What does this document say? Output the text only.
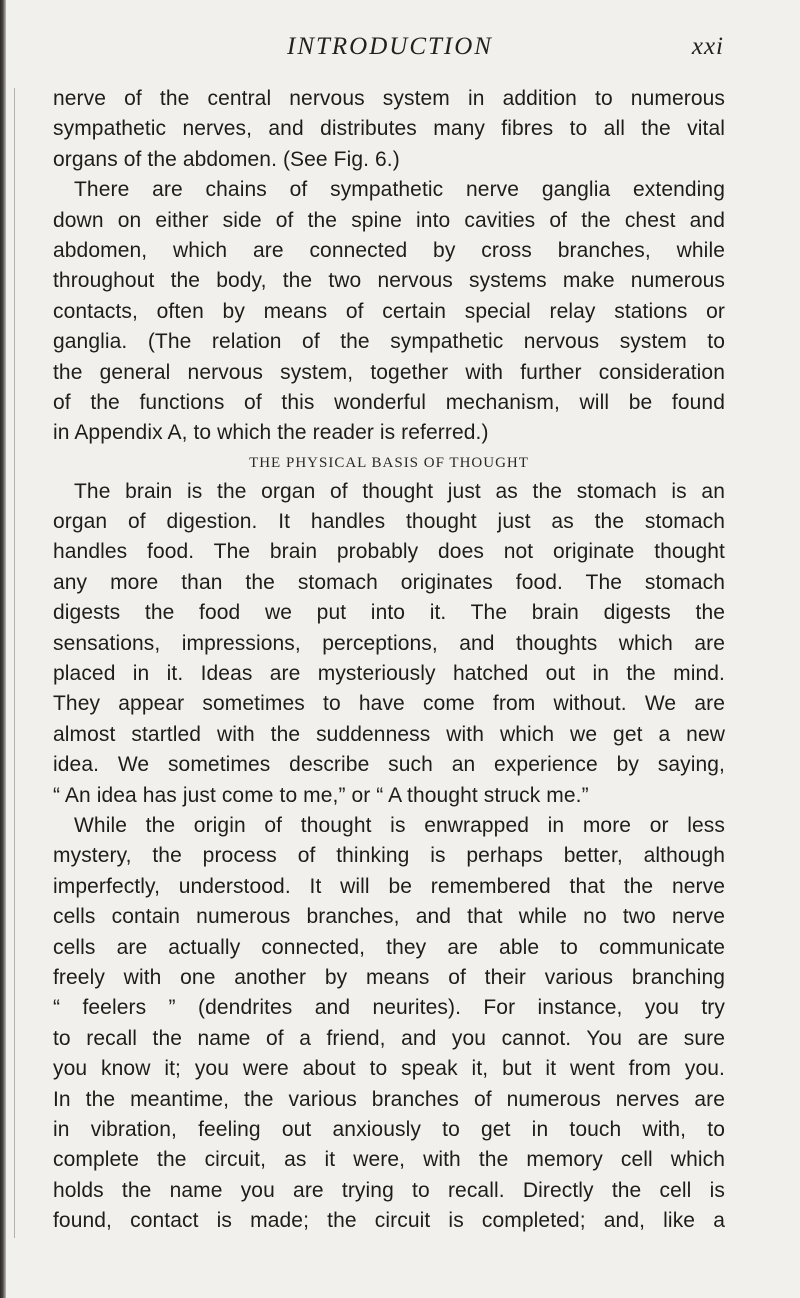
INTRODUCTION	xxi
nerve of the central nervous system in addition to numerous
sympathetic nerves, and distributes many fibres to all the vital
organs of the abdomen. (See Fig. 6.)
There are chains of sympathetic nerve ganglia extending
down on either side of the spine into cavities of the chest and
abdomen, which are connected by cross branches, while
throughout the body, the two nervous systems make numerous
contacts, often by means of certain special relay stations or
ganglia. (The relation of the sympathetic nervous system to
the general nervous system, together with further consideration
of the functions of this wonderful mechanism, will be found
in Appendix A, to which the reader is referred.)
THE PHYSICAL BASIS OF THOUGHT
The brain is the organ of thought just as the stomach is an
organ of digestion. It handles thought just as the stomach
handles food. The brain probably does not originate thought
any more than the stomach originates food. The stomach
digests the food we put into it. The brain digests the
sensations, impressions, perceptions, and thoughts which are
placed in it. Ideas are mysteriously hatched out in the mind.
They appear sometimes to have come from without. We are
almost startled with the suddenness with which we get a new
idea. We sometimes describe such an experience by saying,
“ An idea has just come to me,” or “ A thought struck me.”
While the origin of thought is enwrapped in more or less
mystery, the process of thinking is perhaps better, although
imperfectly, understood. It will be remembered that the nerve
cells contain numerous branches, and that while no two nerve
cells are actually connected, they are able to communicate
freely with one another by means of their various branching
“ feelers ” (dendrites and neurites). For instance, you try
to recall the name of a friend, and you cannot. You are sure
you know it; you were about to speak it, but it went from you.
In the meantime, the various branches of numerous nerves are
in vibration, feeling out anxiously to get in touch with, to
complete the circuit, as it were, with the memory cell which
holds the name you are trying to recall. Directly the cell is
found, contact is made; the circuit is completed; and, like a
